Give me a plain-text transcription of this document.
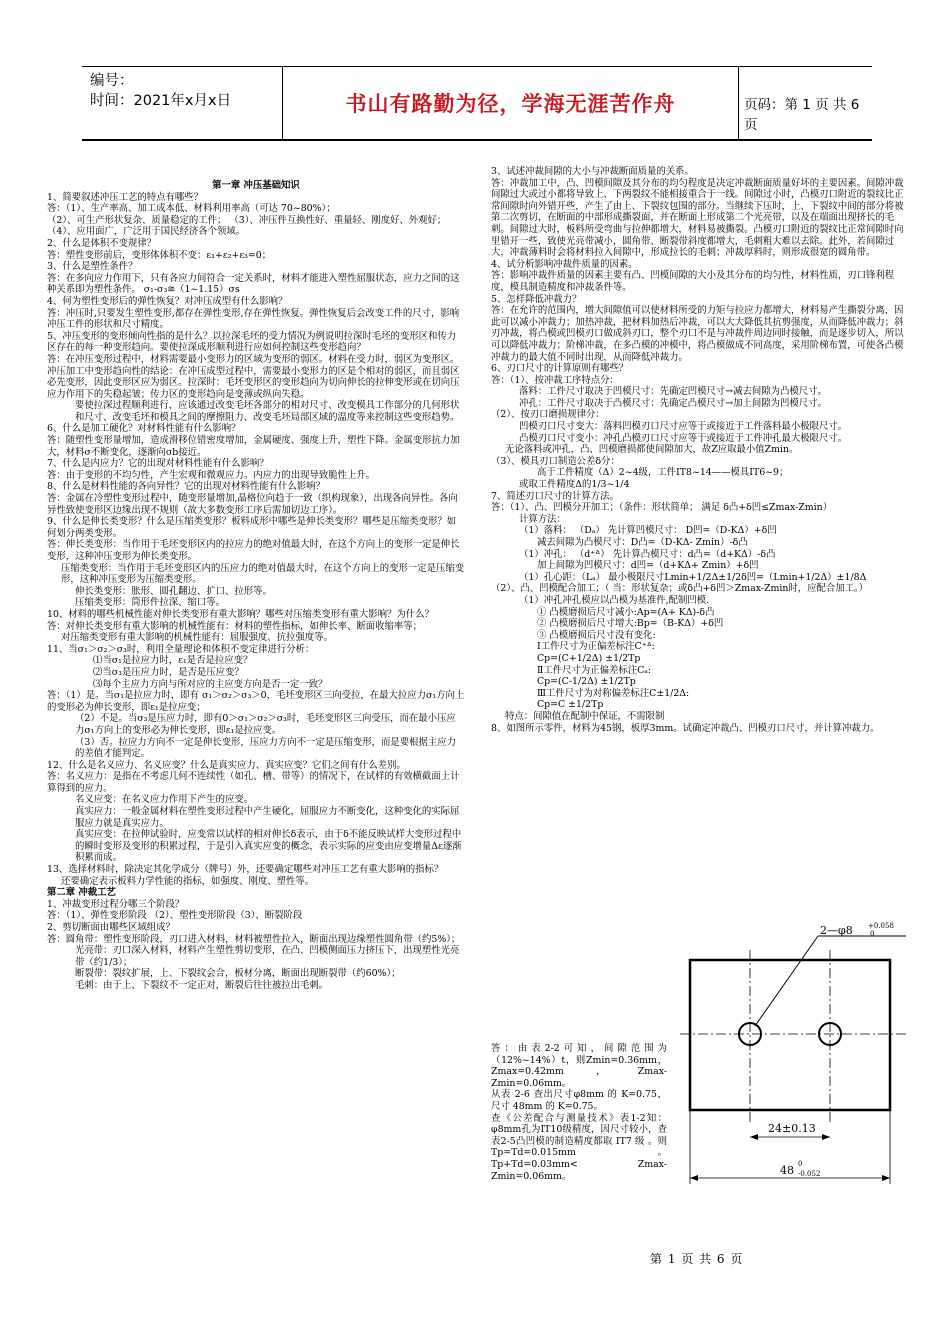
编号：
时间：2021年x月x日	书山有路勤为径，学海无涯苦作舟	页码：第 1 页 共 6 页

第一章 冲压基础知识

1、简要叙述冲压工艺的特点有哪些？

答：（1）、生产率高、加工成本低、材料利用率高（可达 70~80%）；

（2）、可生产形状复杂、质量稳定的工件； （3）、冲压件互换性好、重量轻、刚度好、外观好； （4）、应用面广，广泛用于国民经济各个领域。

2、什么是体积不变规律？

答：塑性变形前后，变形体体积不变：ε₁+ε₂+ε₃=0；

3、什么是塑性条件？

答：在多向应力作用下，只有各应力间符合一定关系时，材料才能进入塑性屈服状态，应力之间的这种关系即为塑性条件。 σ₁-σ₃≅（1~1.15）σs

4、何为塑性变形后的弹性恢复？对冲压成型有什么影响？

答：冲压时,只要发生塑性变形,都存在弹性变形,存在弹性恢复。弹性恢复后会改变工件的尺寸，影响冲压工件的形状和尺寸精度。

5、冲压变形的变形倾向性指的是什么？以拉深毛坯的受力情况为例说明拉深时毛坯的变形区和传力区存在的每一种变形趋向。要使拉深成形顺利进行应如何控制这些变形趋向？

答：在冲压变形过程中，材料需要最小变形力的区域为变形的弱区。材料在受力时，弱区为变形区。冲压加工中变形趋向性的结论：在冲压成型过程中，需要最小变形力的区是个相对的弱区，而且弱区必先变形，因此变形区应为弱区。拉深时：毛坯变形区的变形趋向为切向伸长的拉伸变形或在切向压应力作用下的失稳起皱；传力区的变形趋向是变薄或纵向失稳。

要使拉深过程顺利进行，应该通过改变毛坯各部分的相对尺寸、改变模具工作部分的几何形状和尺寸、改变毛坯和模具之间的摩擦阻力、改变毛坯局部区域的温度等来控制这些变形趋势。

6、什么是加工硬化？对材料性能有什么影响？

答：随塑性变形量增加，造成滑移位错密度增加，金属硬度、强度上升，塑性下降。金属变形抗力加大，材料σ不断变化，逐渐向σb接近。

7、什么是内应力？它的出现对材料性能有什么影响？

答：由于变形的不均匀性，产生宏观和微观应力。内应力的出现导致脆性上升。

8、什么是材料性能的各向异性？它的出现对材料性能有什么影响？

答：金属在冷塑性变形过程中，随变形量增加,晶格位向趋于一致（织构现象），出现各向异性。各向异性致使变形区边缘出现不规则（故大多数变形工序后需加切边工序）。

9、什么是伸长类变形？什么是压缩类变形？板料成形中哪些是伸长类变形？哪些是压缩类变形？如何划分两类变形。

答：伸长类变形：当作用于毛坯变形区内的拉应力的绝对值最大时，在这个方向上的变形一定是伸长变形，这种冲压变形为伸长类变形。

压缩类变形：当作用于毛坯变形区内的压应力的绝对值最大时，在这个方向上的变形一定是压缩变形，这种冲压变形为压缩类变形。

伸长类变形：胀形、圆孔翻边、扩口、拉形等。

压缩类变形：筒形件拉深、缩口等。

10、材料的哪些机械性能对伸长类变形有重大影响？哪些对压缩类变形有重大影响？为什么？

答：对伸长类变形有重大影响的机械性能有：材料的塑性指标，如伸长率、断面收缩率等；

对压缩类变形有重大影响的机械性能有：屈服强度、抗拉强度等。

11、当σ₁＞σ₂＞σ₃时，利用全量理论和体积不变定律进行分析：

⑴当σ₁是拉应力时，ε₁是否是拉应变？

⑵当σ₃是压应力时，是否是压应变？

⑶每个主应力方向与所对应的主应变方向是否一定一致？

答：（1）是。当σ₁是拉应力时，即有 σ₁＞σ₂＞σ₃＞0，毛坯变形区三向受拉，在最大拉应力σ₁方向上的变形必为伸长变形，即ε₁是拉应变；

（2）不是。当σ₃是压应力时，即有0＞σ₁＞σ₂＞σ₃时，毛坯变形区三向受压，而在最小压应力σ₁方向上的变形必为伸长变形，即ε₁是拉应变。

（3）否。拉应力方向不一定是伸长变形，压应力方向不一定是压缩变形，而是要根据主应力的差值才能判定。

12、什么是名义应力、名义应变？什么是真实应力、真实应变？它们之间有什么差别。

答：名义应力：是指在不考虑几何不连续性（如孔、槽、带等）的情况下，在试样的有效横截面上计算得到的应力。

名义应变：在名义应力作用下产生的应变。

真实应力：一般金属材料在塑性变形过程中产生硬化，屈服应力不断变化，这种变化的实际屈服应力就是真实应力。

真实应变：在拉伸试验时，应变常以试样的相对伸长δ表示，由于δ不能反映试样大变形过程中的瞬时变形及变形的积累过程，于是引入真实应变的概念，表示实际的应变由应变增量Δε逐渐积累而成。

13、选择材料时，除决定其化学成分（牌号）外，还要确定哪些对冲压工艺有重大影响的指标？

还要确定表示板料力学性能的指标，如强度、刚度、塑性等。

第二章 冲裁工艺

1、冲裁变形过程分哪三个阶段？

答：（1）、弹性变形阶段 （2）、塑性变形阶段（3）、断裂阶段

2、剪切断面由哪些区域组成？

答：圆角带：塑性变形阶段，刃口进入材料，材料被塑性拉入，断面出现边缘塑性圆角带（约5%）；

光亮带：刃口深入材料，材料产生塑性剪切变形，在凸、凹模侧面压力挤压下，出现塑性光亮带（约1/3）；

断裂带：裂纹扩展，上、下裂纹会合，板材分离，断面出现断裂带（约60%）；

毛刺：由于上、下裂纹不一定正对，断裂后往往被拉出毛刺。

3、试述冲裁间隙的大小与冲裁断面质量的关系。

答：冲裁加工中，凸、凹模间隙及其分布的均匀程度是决定冲裁断面质量好坏的主要因素。间隙冲裁间隙过大或过小都将导致上、下两裂纹不能相接重合于一线。间隙过小时，凸模刃口附近的裂纹比正常间隙时向外错开些，产生了由上、下裂纹包围的部分。当继续下压时，上、下裂纹中间的部分将被第二次剪切，在断面的中部形成撕裂面，并在断面上形成第二个光亮带，以及在端面出现挤长的毛刺。间隙过大时，板料所受弯曲与拉伸都增大，材料易被撕裂。凸模刃口附近的裂纹比正常间隙时向里错开一些，致使光亮带减小，圆角带、断裂带斜度都增大，毛刺粗大难以去除。此外，若间隙过大，冲裁薄料时会将材料拉入间隙中，形成拉长的毛刺；冲裁厚料时，则形成很宽的圆角带。

4、试分析影响冲裁件质量的因素。

答：影响冲裁件质量的因素主要有凸、凹模间隙的大小及其分布的均匀性，材料性质，刃口锋利程度，模具制造精度和冲裁条件等。

5、怎样降低冲裁力？

答：在允许的范围内，增大间隙值可以使材料所受的力矩与拉应力都增大，材料易产生撕裂分离，因此可以减小冲裁力；加热冲裁，把材料加热后冲裁，可以大大降低其抗剪强度，从而降低冲裁力；斜刃冲裁，将凸模或凹模刃口做成斜刃口，整个刃口不是与冲裁件周边同时接触，而是逐步切入，所以可以降低冲裁力；阶梯冲裁，在多凸模的冲模中，将凸模做成不同高度，采用阶梯布置，可使各凸模冲裁力的最大值不同时出现，从而降低冲裁力。

6、刃口尺寸的计算原则有哪些？

答：（1）、按冲裁工序特点分：

落料：工件尺寸取决于凹模尺寸：先确定凹模尺寸→减去间隙为凸模尺寸。

冲孔：工件尺寸取决于凸模尺寸：先确定凸模尺寸→加上间隙为凹模尺寸。

（2）、按刃口磨损规律分：

凹模刃口尺寸变大：落料凹模刃口尺寸应等于或接近于工件落料最小极限尺寸。

凸模刃口尺寸变小：冲孔凸模刃口尺寸应等于或接近于工件冲孔最大极限尺寸。

无论落料或冲孔，凸、凹模磨损都使间隙加大，故Z应取最小值Zmin。

（3）、模具刃口制造公差δ分：

高于工件精度（Δ）2~4级，工件IT8~14——模具IT6~9；

或取工件精度Δ的1/3~1/4

7、简述刃口尺寸的计算方法。

答：（1）、凸、凹模分开加工；（条件：形状简单； 满足 δ凸+δ凹≤Zmax-Zmin）

计算方法：

（1）落料： （Dₐ） 先计算凹模尺寸： D凹=（D-KΔ）+δ凹

减去间隙为凸模尺寸：D凸=（D-KΔ- Zmin）-δ凸

（1）冲孔： （d⁺ᐞ） 先计算凸模尺寸：d凸=（d+KΔ）-δ凸

加上间隙为凹模尺寸：d凹=（d+KΔ+ Zmin）+δ凹

（1）孔心距：（Lₐ） 最小极限尺寸Lmin+1/2Δ±1/2δ凹=（Lmin+1/2Δ）±1/8Δ

（2）、凸、凹模配合加工；（ 当：形状复杂；或δ凸+δ凹＞Zmax-Zmin时，应配合加工。）

（1）冲孔冲孔模应以凸模为基准件,配制凹模.

① 凸模磨损后尺寸减小:Ap=(A+ KΔ)-δ凸

② 凸模磨损后尺寸增大:Bp=（B-KΔ）+δ凹

③ 凸模磨损后尺寸没有变化:

Ⅰ工件尺寸为正偏差标注C⁺ᐞ:

Cp=(C+1/2Δ) ±1/2Tp

Ⅱ工件尺寸为正偏差标注Cₐ:

Cp=(C-1/2Δ) ±1/2Tp

Ⅲ工件尺寸为对称偏差标注C±1/2Δ:

Cp=C ±1/2Tp

特点：间隙值在配制中保证，不需限制

8、如图所示零件，材料为45钢，板厚3mm。试确定冲裁凸、凹模刃口尺寸，并计算冲裁力。

答：由表2-2可知，间隙范围为（12%~14%）t，则Zmin=0.36mm， Zmax=0.42mm，Zmax-Zmin=0.06mm。

从表 2-6 查出尺寸φ8mm 的 K=0.75，尺寸 48mm 的 K=0.75。

查《公差配合与测量技术》表1-2知：φ8mm孔为IT10级精度，因尺寸较小，查表2-5凸凹模的制造精度都取 IT7 级 。则 Tp=Td=0.015mm 。 Tp+Td=0.03mm< Zmax-Zmin=0.06mm。

2—φ8 +0.058
0
24±0.13
48 0
-0.052
第 1 页 共 6 页
